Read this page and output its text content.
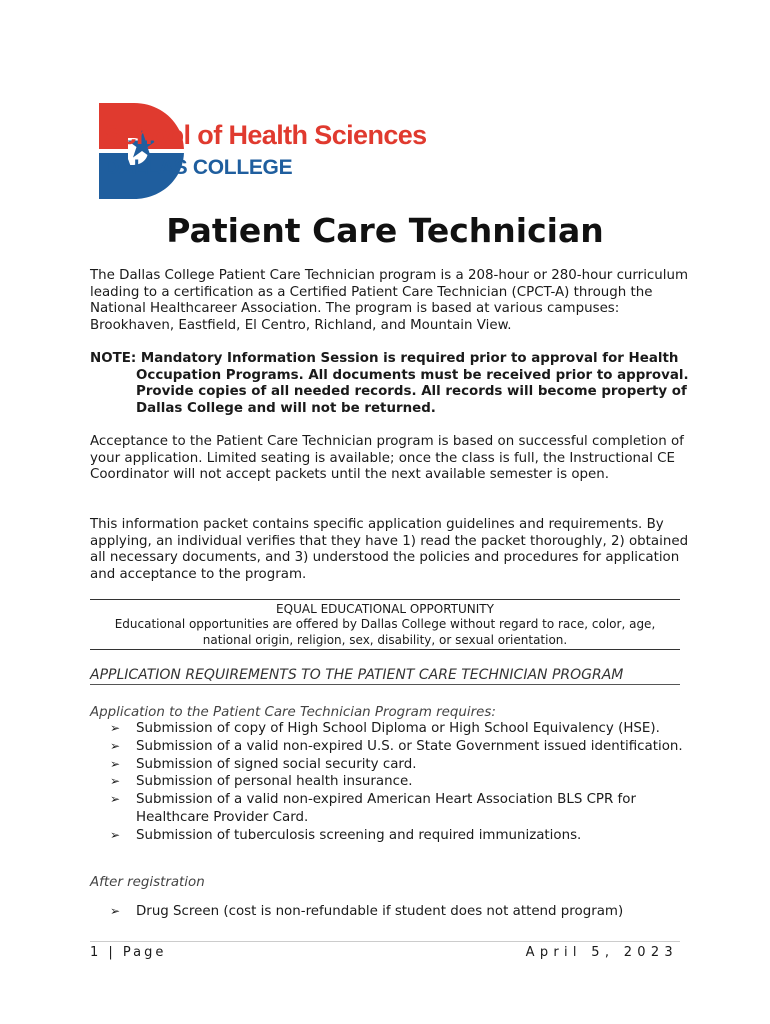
School of Health Sciences
DALLAS COLLEGE
Patient Care Technician

The Dallas College Patient Care Technician program is a 208-hour or 280-hour curriculum leading to a certification as a Certified Patient Care Technician (CPCT-A) through the National Healthcareer Association. The program is based at various campuses: Brookhaven, Eastfield, El Centro, Richland, and Mountain View.

NOTE: Mandatory Information Session is required prior to approval for Health Occupation Programs. All documents must be received prior to approval. Provide copies of all needed records. All records will become property of Dallas College and will not be returned.

Acceptance to the Patient Care Technician program is based on successful completion of your application. Limited seating is available; once the class is full, the Instructional CE Coordinator will not accept packets until the next available semester is open.

This information packet contains specific application guidelines and requirements. By applying, an individual verifies that they have 1) read the packet thoroughly, 2) obtained all necessary documents, and 3) understood the policies and procedures for application and acceptance to the program.

EQUAL EDUCATIONAL OPPORTUNITY
Educational opportunities are offered by Dallas College without regard to race, color, age, national origin, religion, sex, disability, or sexual orientation.
APPLICATION REQUIREMENTS TO THE PATIENT CARE TECHNICIAN PROGRAM
Application to the Patient Care Technician Program requires:
➢ Submission of copy of High School Diploma or High School Equivalency (HSE).
➢ Submission of a valid non-expired U.S. or State Government issued identification.
➢ Submission of signed social security card.
➢ Submission of personal health insurance.
➢ Submission of a valid non-expired American Heart Association BLS CPR for Healthcare Provider Card.
➢ Submission of tuberculosis screening and required immunizations.
After registration
➢ Drug Screen (cost is non-refundable if student does not attend program)
1 | Page	April 5, 2023
